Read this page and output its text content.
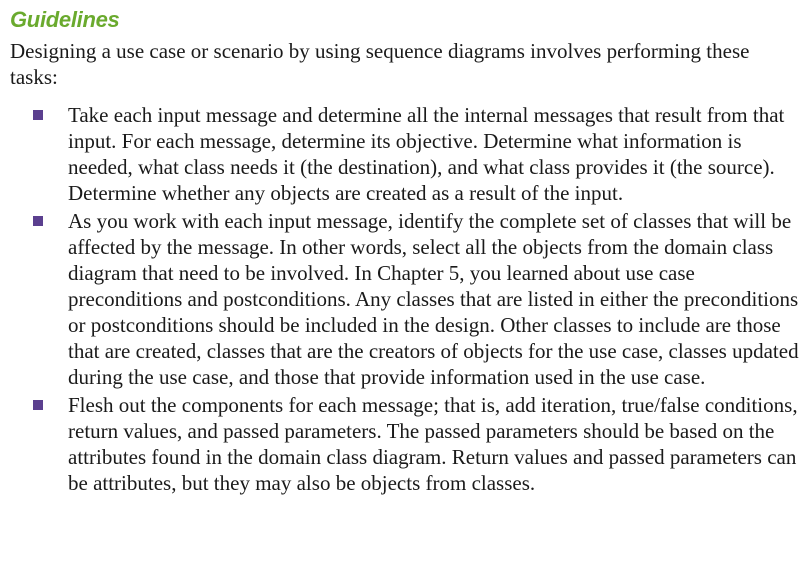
Guidelines

Designing a use case or scenario by using sequence diagrams involves performing these tasks:

Take each input message and determine all the internal messages that result from that input. For each message, determine its objective. Determine what information is needed, what class needs it (the destination), and what class provides it (the source). Determine whether any objects are created as a result of the input.
As you work with each input message, identify the complete set of classes that will be affected by the message. In other words, select all the objects from the domain class diagram that need to be involved. In Chapter 5, you learned about use case preconditions and postconditions. Any classes that are listed in either the preconditions or postconditions should be included in the design. Other classes to include are those that are created, classes that are the creators of objects for the use case, classes updated during the use case, and those that provide information used in the use case.
Flesh out the components for each message; that is, add iteration, true/false conditions, return values, and passed parameters. The passed parameters should be based on the attributes found in the domain class diagram. Return values and passed parameters can be attributes, but they may also be objects from classes.
